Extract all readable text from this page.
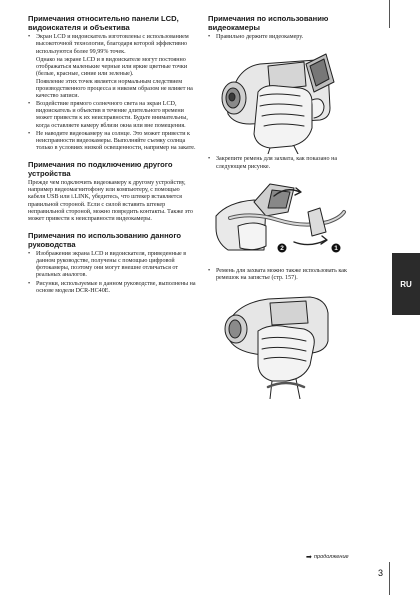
Примечания относительно панели LCD, видоискателя и объектива
• Экран LCD и видоискатель изготовлены с использованием высокоточной технологии, благодаря которой эффективно используются более 99,99% точек.

Однако на экране LCD и в видоискателе могут постоянно отображаться маленькие черные или яркие цветные точки (белые, красные, синие или зеленые).

Появление этих точек является нормальным следствием производственного процесса и никоим образом не влияет на качество записи.

• Воздействие прямого солнечного света на экран LCD, видоискатель и объектив в течение длительного времени может привести к их неисправности. Будьте внимательны, когда оставляете камеру вблизи окна или вне помещения.
• Не наводите видеокамеру на солнце. Это может привести к неисправности видеокамеры. Выполняйте съемку солнца только в условиях низкой освещенности, например на закате.
Примечания по подключению другого устройства

Прежде чем подключить видеокамеру к другому устройству, например видеомагнитофону или компьютеру, с помощью кабеля USB или i.LINK, убедитесь, что штекер вставляется правильной стороной. Если с силой вставить штекер неправильной стороной, можно повредить контакты. Также это может привести к неисправности видеокамеры.

Примечания по использованию данного руководства
• Изображения экрана LCD и видоискателя, приведенные в данном руководстве, получены с помощью цифровой фотокамеры, поэтому они могут внешне отличаться от реальных аналогов.
• Рисунки, используемые в данном руководстве, выполнены на основе модели DCR-HC40E.
Примечания по использованию видеокамеры
• Правильно держите видеокамеру.
• Закрепите ремень для захвата, как показано на следующем рисунке.
2	1
• Ремень для захвата можно также использовать как ремешок на запястье (стр. 157).
RU
➡ продолжение
3
